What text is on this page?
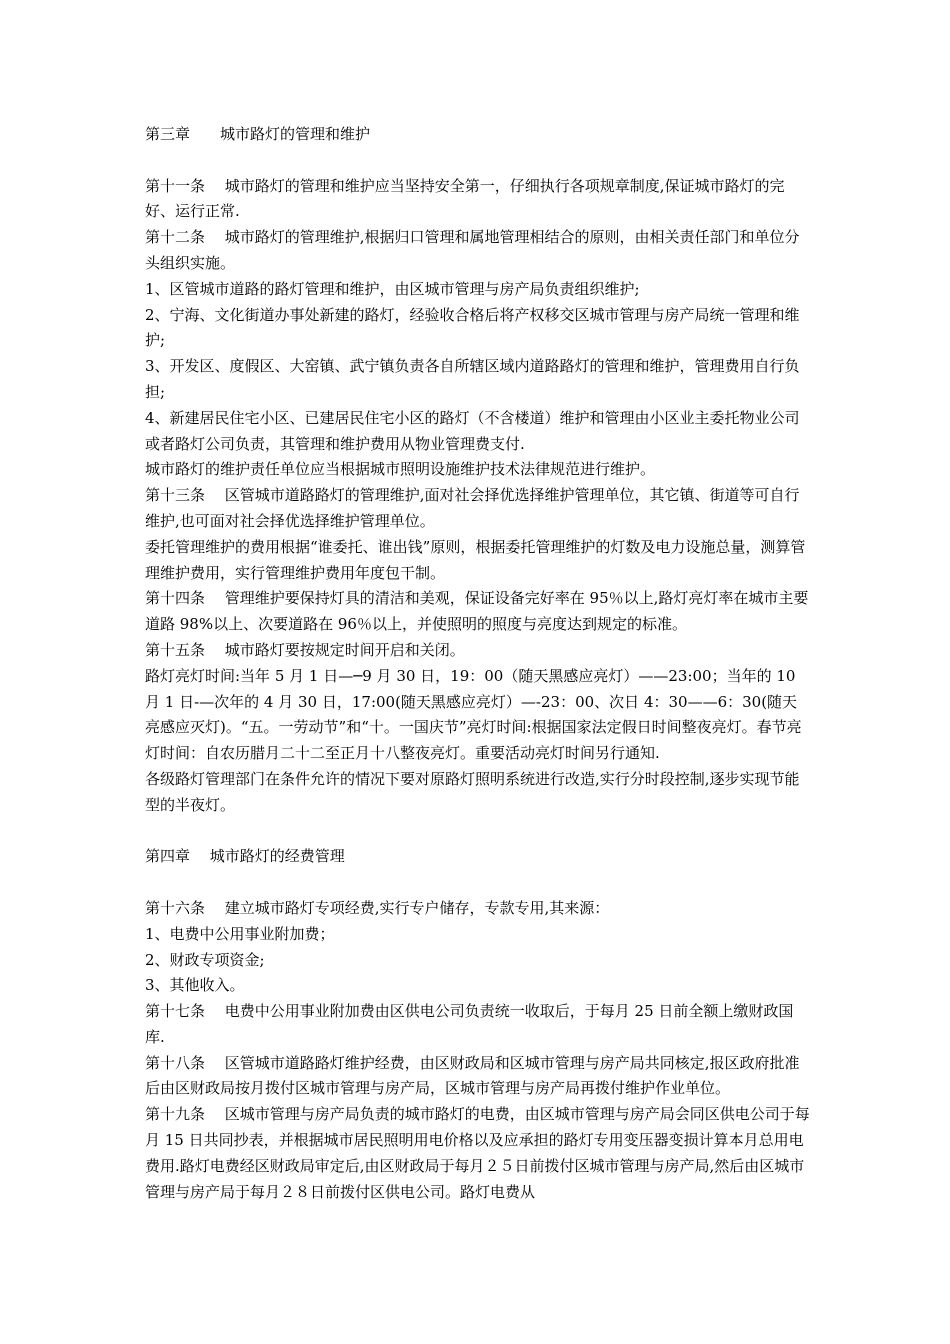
第三章　　城市路灯的管理和维护

第十一条　 城市路灯的管理和维护应当坚持安全第一，仔细执行各项规章制度,保证城市路灯的完好、运行正常.

第十二条　 城市路灯的管理维护,根据归口管理和属地管理相结合的原则，由相关责任部门和单位分头组织实施。

1、区管城市道路的路灯管理和维护，由区城市管理与房产局负责组织维护;

2、宁海、文化街道办事处新建的路灯，经验收合格后将产权移交区城市管理与房产局统一管理和维护;

3、开发区、度假区、大窑镇、武宁镇负责各自所辖区域内道路路灯的管理和维护，管理费用自行负担;

4、新建居民住宅小区、已建居民住宅小区的路灯（不含楼道）维护和管理由小区业主委托物业公司或者路灯公司负责，其管理和维护费用从物业管理费支付.

城市路灯的维护责任单位应当根据城市照明设施维护技术法律规范进行维护。

第十三条　 区管城市道路路灯的管理维护,面对社会择优选择维护管理单位，其它镇、街道等可自行维护,也可面对社会择优选择维护管理单位。

委托管理维护的费用根据“谁委托、谁出钱”原则，根据委托管理维护的灯数及电力设施总量，测算管理维护费用，实行管理维护费用年度包干制。

第十四条　 管理维护要保持灯具的清洁和美观，保证设备完好率在 95％以上,路灯亮灯率在城市主要道路 98%以上、次要道路在 96％以上，并使照明的照度与亮度达到规定的标准。

第十五条　 城市路灯要按规定时间开启和关闭。

路灯亮灯时间:当年 5 月 1 日—─9 月 30 日，19：00（随天黑感应亮灯）——23:00；当年的 10 月 1 日-—次年的 4 月 30 日，17:00(随天黑感应亮灯）—-23：00、次日 4：30——6：30(随天亮感应灭灯)。“五。一劳动节”和“十。一国庆节”亮灯时间:根据国家法定假日时间整夜亮灯。春节亮灯时间：自农历腊月二十二至正月十八整夜亮灯。重要活动亮灯时间另行通知.

各级路灯管理部门在条件允许的情况下要对原路灯照明系统进行改造,实行分时段控制,逐步实现节能型的半夜灯。

第四章　 城市路灯的经费管理

第十六条　 建立城市路灯专项经费,实行专户储存，专款专用,其来源：

1、电费中公用事业附加费；

2、财政专项资金;

3、其他收入。

第十七条　 电费中公用事业附加费由区供电公司负责统一收取后，于每月 25 日前全额上缴财政国库.

第十八条　 区管城市道路路灯维护经费，由区财政局和区城市管理与房产局共同核定,报区政府批准后由区财政局按月拨付区城市管理与房产局，区城市管理与房产局再拨付维护作业单位。

第十九条　 区城市管理与房产局负责的城市路灯的电费，由区城市管理与房产局会同区供电公司于每月 15 日共同抄表，并根据城市居民照明用电价格以及应承担的路灯专用变压器变损计算本月总用电费用.路灯电费经区财政局审定后,由区财政局于每月２５日前拨付区城市管理与房产局,然后由区城市管理与房产局于每月２８日前拨付区供电公司。路灯电费从
